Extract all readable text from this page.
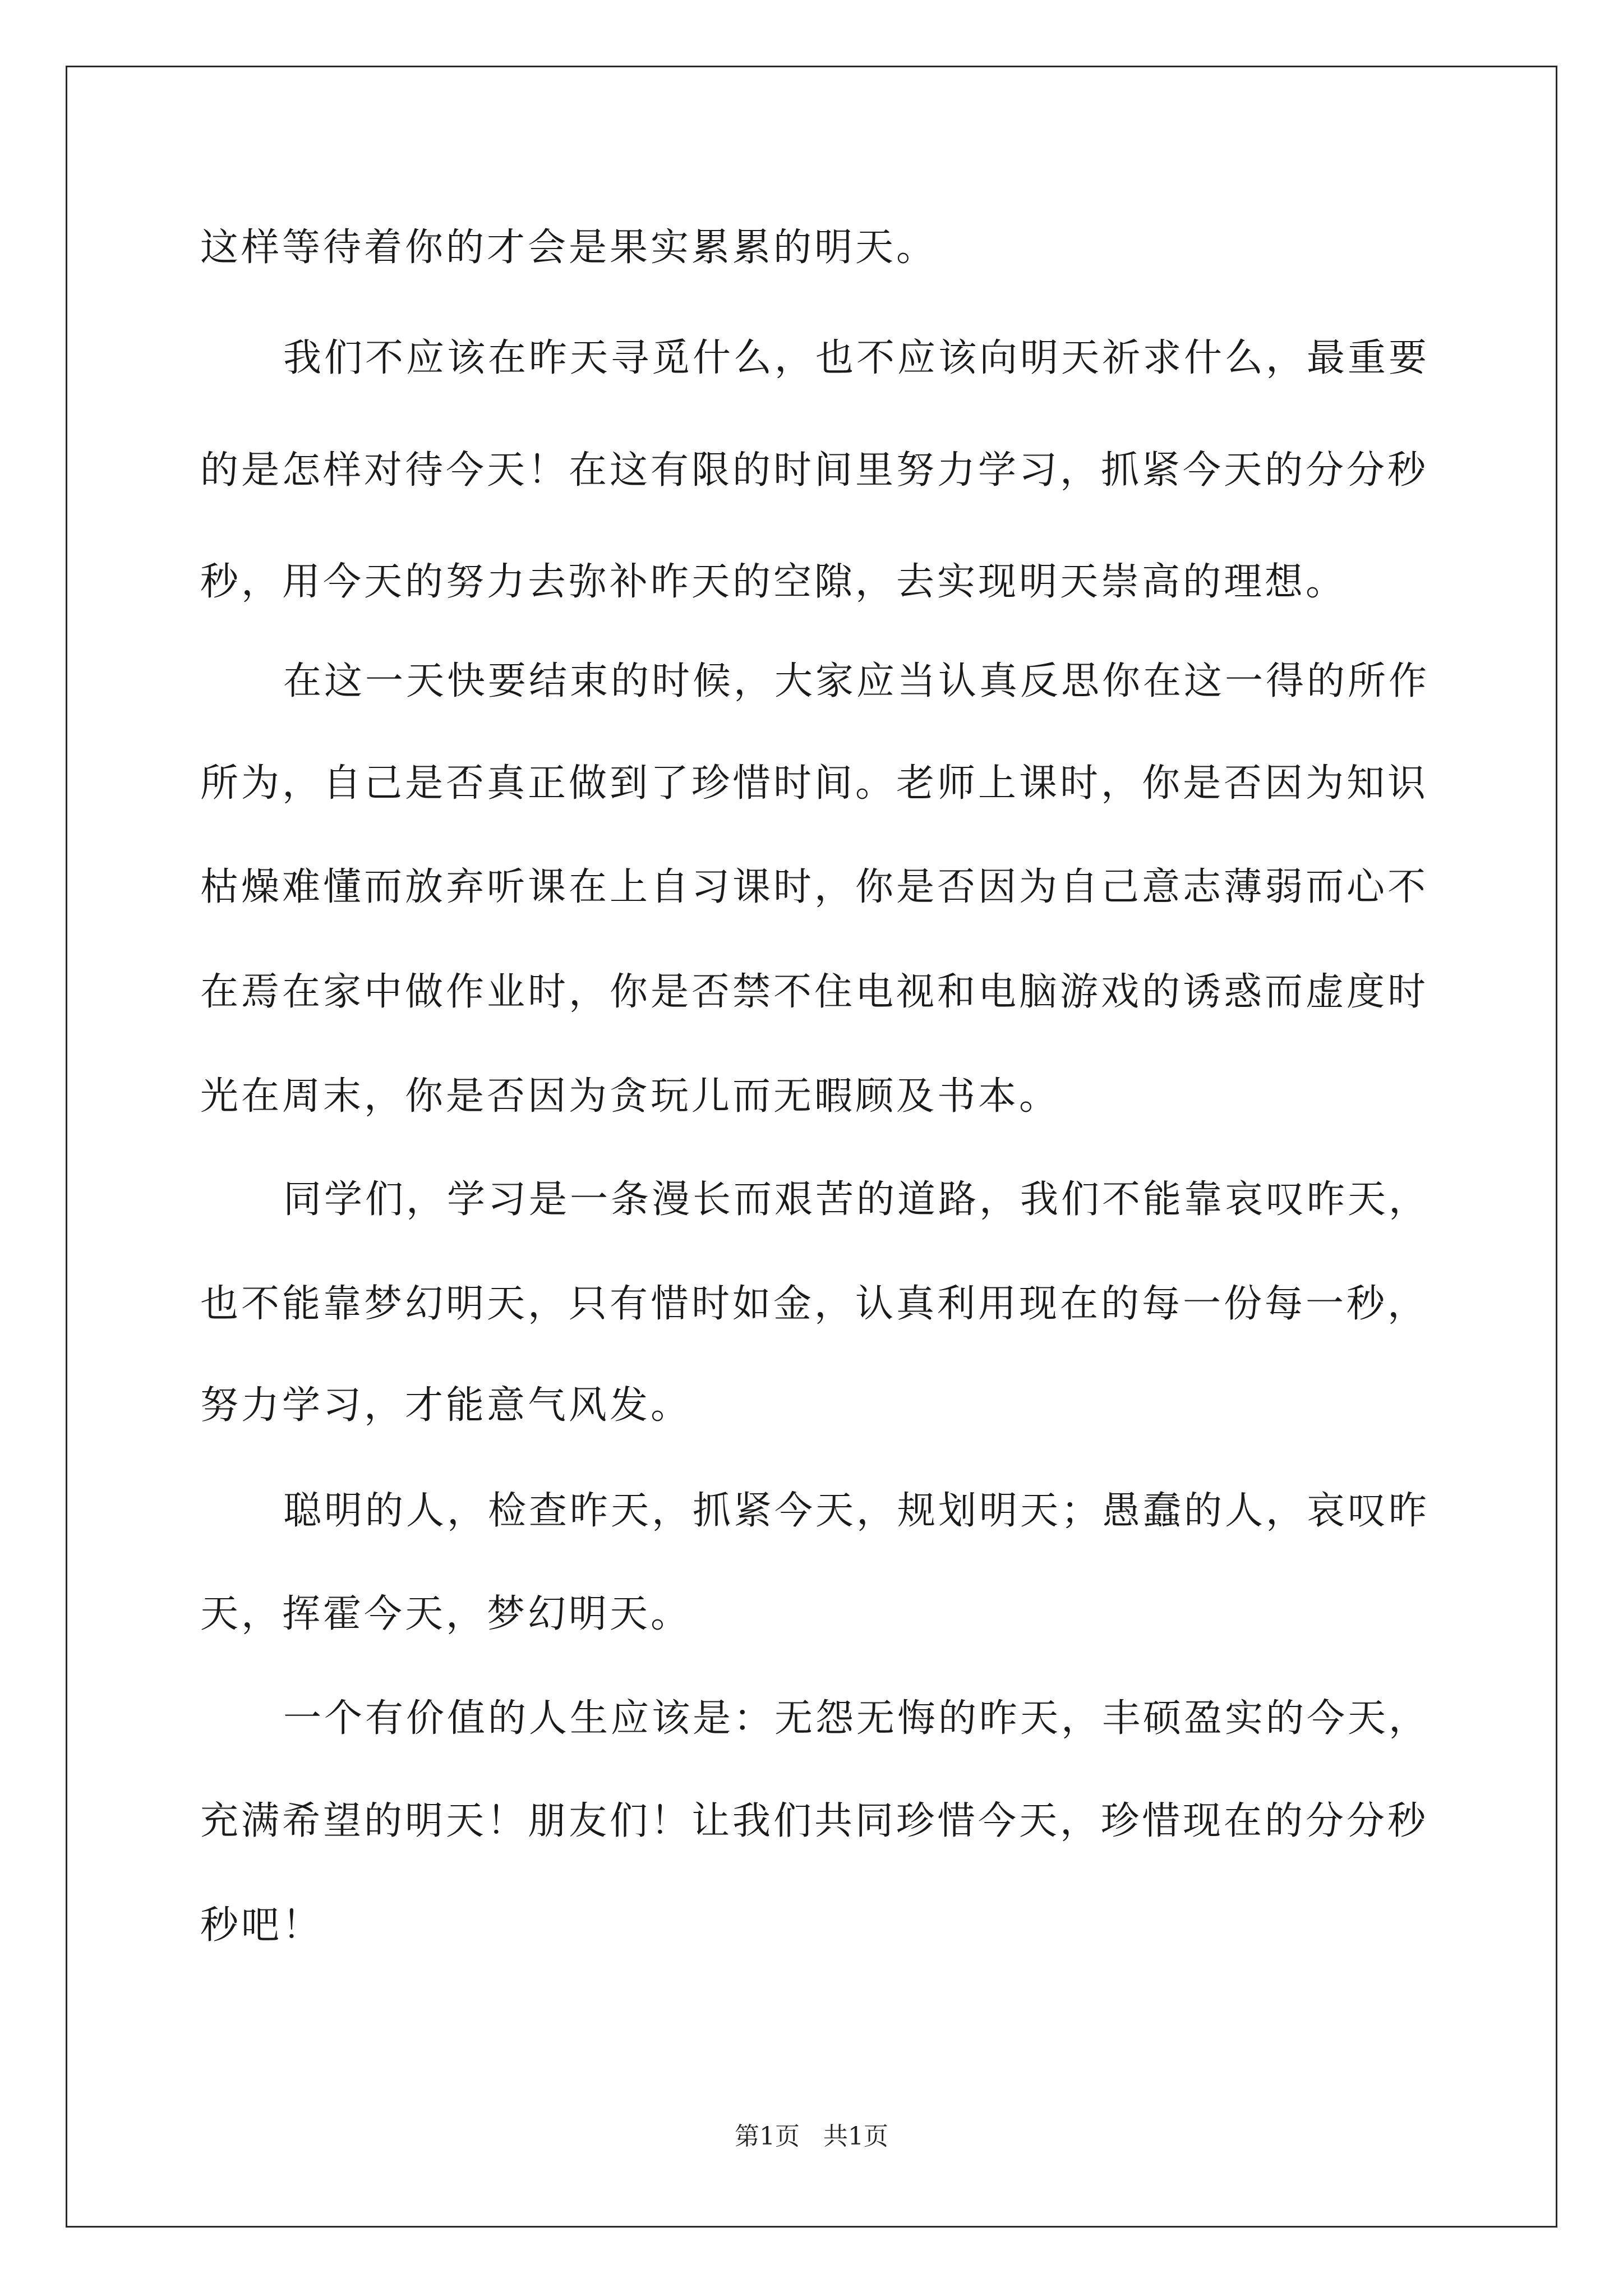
这样等待着你的才会是果实累累的明天。
我们不应该在昨天寻觅什么，也不应该向明天祈求什么，最重要
的是怎样对待今天！在这有限的时间里努力学习，抓紧今天的分分秒
秒，用今天的努力去弥补昨天的空隙，去实现明天崇高的理想。
在这一天快要结束的时候，大家应当认真反思你在这一得的所作
所为，自己是否真正做到了珍惜时间。老师上课时，你是否因为知识
枯燥难懂而放弃听课在上自习课时，你是否因为自己意志薄弱而心不
在焉在家中做作业时，你是否禁不住电视和电脑游戏的诱惑而虚度时
光在周末，你是否因为贪玩儿而无暇顾及书本。
同学们，学习是一条漫长而艰苦的道路，我们不能靠哀叹昨天，
也不能靠梦幻明天，只有惜时如金，认真利用现在的每一份每一秒，
努力学习，才能意气风发。
聪明的人，检查昨天，抓紧今天，规划明天；愚蠢的人，哀叹昨
天，挥霍今天，梦幻明天。
一个有价值的人生应该是：无怨无悔的昨天，丰硕盈实的今天，
充满希望的明天！朋友们！让我们共同珍惜今天，珍惜现在的分分秒
秒吧！
第1页   共1页
